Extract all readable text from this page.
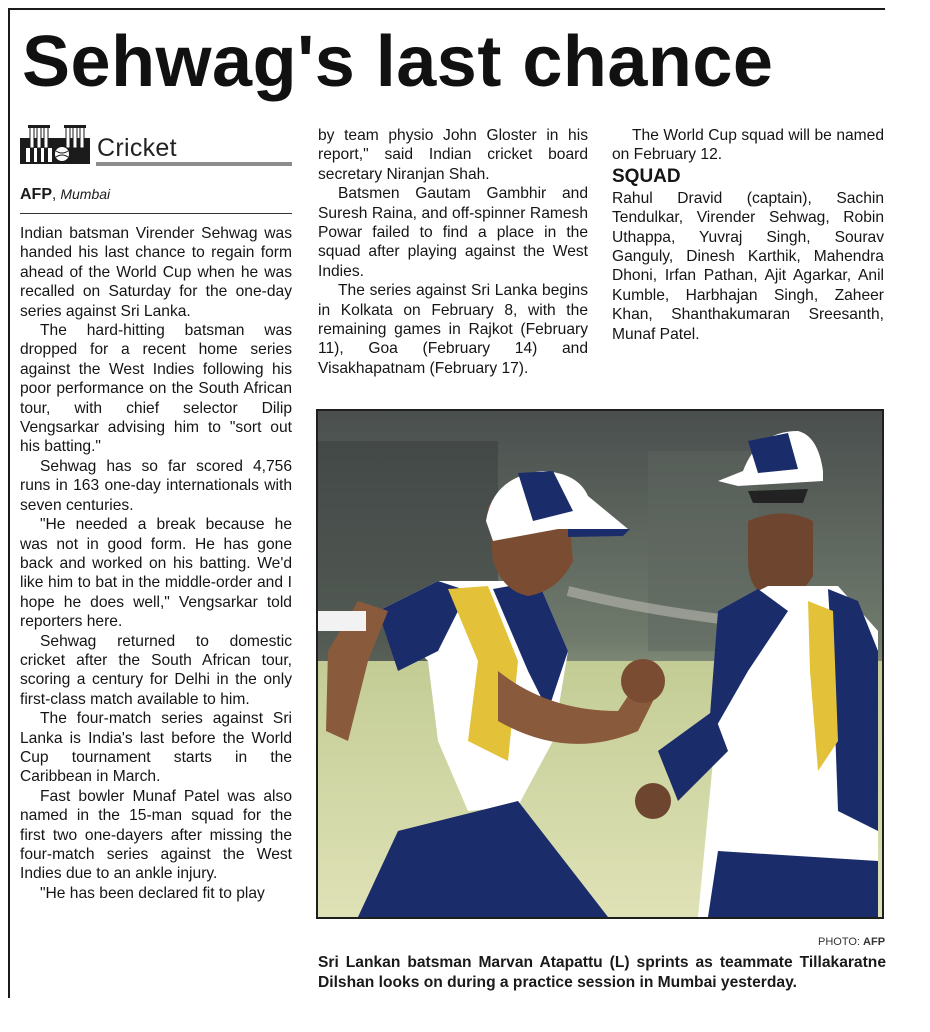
Sehwag's last chance
Cricket
AFP, Mumbai

Indian batsman Virender Sehwag was handed his last chance to regain form ahead of the World Cup when he was recalled on Saturday for the one-day series against Sri Lanka.

The hard-hitting batsman was dropped for a recent home series against the West Indies following his poor performance on the South African tour, with chief selector Dilip Vengsarkar advising him to "sort out his batting."

Sehwag has so far scored 4,756 runs in 163 one-day internationals with seven centuries.

"He needed a break because he was not in good form. He has gone back and worked on his batting. We'd like him to bat in the middle-order and I hope he does well," Vengsarkar told reporters here.

Sehwag returned to domestic cricket after the South African tour, scoring a century for Delhi in the only first-class match available to him.

The four-match series against Sri Lanka is India's last before the World Cup tournament starts in the Caribbean in March.

Fast bowler Munaf Patel was also named in the 15-man squad for the first two one-dayers after missing the four-match series against the West Indies due to an ankle injury.

"He has been declared fit to play

by team physio John Gloster in his report," said Indian cricket board secretary Niranjan Shah.

Batsmen Gautam Gambhir and Suresh Raina, and off-spinner Ramesh Powar failed to find a place in the squad after playing against the West Indies.

The series against Sri Lanka begins in Kolkata on February 8, with the remaining games in Rajkot (February 11), Goa (February 14) and Visakhapatnam (February 17).

The World Cup squad will be named on February 12.

SQUAD

Rahul Dravid (captain), Sachin Tendulkar, Virender Sehwag, Robin Uthappa, Yuvraj Singh, Sourav Ganguly, Dinesh Karthik, Mahendra Dhoni, Irfan Pathan, Ajit Agarkar, Anil Kumble, Harbhajan Singh, Zaheer Khan, Shanthakumaran Sreesanth, Munaf Patel.

PHOTO: AFP
Sri Lankan batsman Marvan Atapattu (L) sprints as teammate Tillakaratne Dilshan looks on during a practice session in Mumbai yesterday.
